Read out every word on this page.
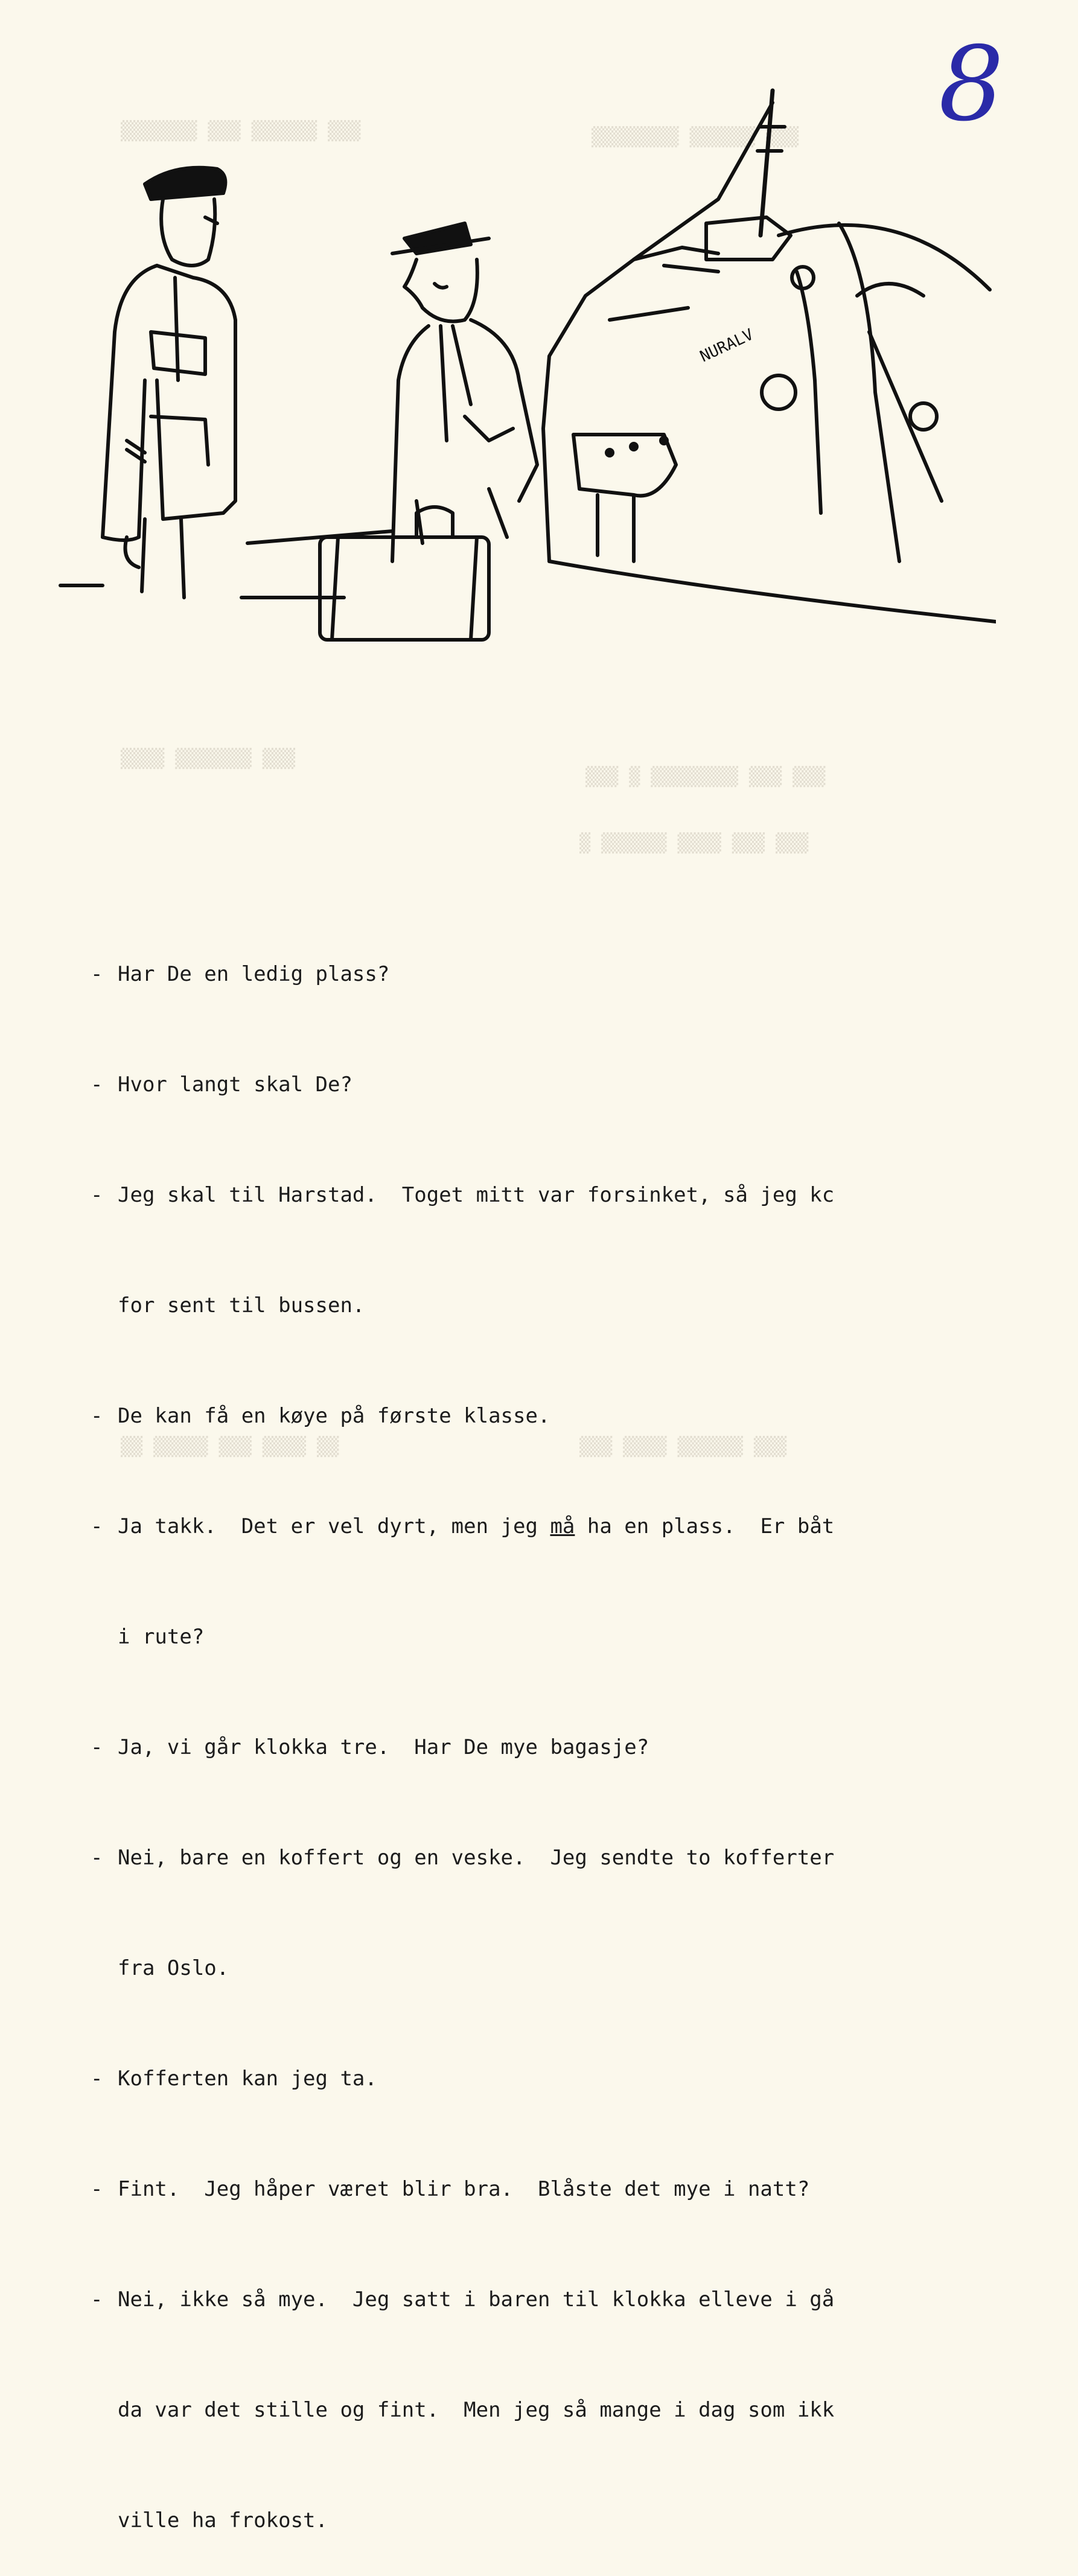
8
▒▒▒ ▒▒▒▒▒▒ ▒▒▒ ▒▒▒▒▒▒▒	▒▒▒ ▒▒▒▒▒▒ ▒▒▒▒▒▒▒▒
▒▒▒ ▒▒▒▒▒▒▒ ▒▒▒▒
▒▒▒ ▒▒▒ ▒▒▒▒▒▒▒▒ ▒ ▒▒▒
▒▒▒ ▒▒▒ ▒▒▒▒ ▒▒▒▒▒▒ ▒
▒▒ ▒▒▒▒ ▒▒▒ ▒▒▒▒▒ ▒▒	▒▒▒ ▒▒▒▒▒▒ ▒▒▒▒ ▒▒▒
NURALV

- Har De en ledig plass?

- Hvor langt skal De?

- Jeg skal til Harstad.  Toget mitt var forsinket, så jeg kc

for sent til bussen.

- De kan få en køye på første klasse.

- Ja takk.  Det er vel dyrt, men jeg må ha en plass.  Er båt

i rute?

- Ja, vi går klokka tre.  Har De mye bagasje?

- Nei, bare en koffert og en veske.  Jeg sendte to kofferter

fra Oslo.

- Kofferten kan jeg ta.

- Fint.  Jeg håper været blir bra.  Blåste det mye i natt?

- Nei, ikke så mye.  Jeg satt i baren til klokka elleve i gå

da var det stille og fint.  Men jeg så mange i dag som ikk

ville ha frokost.
